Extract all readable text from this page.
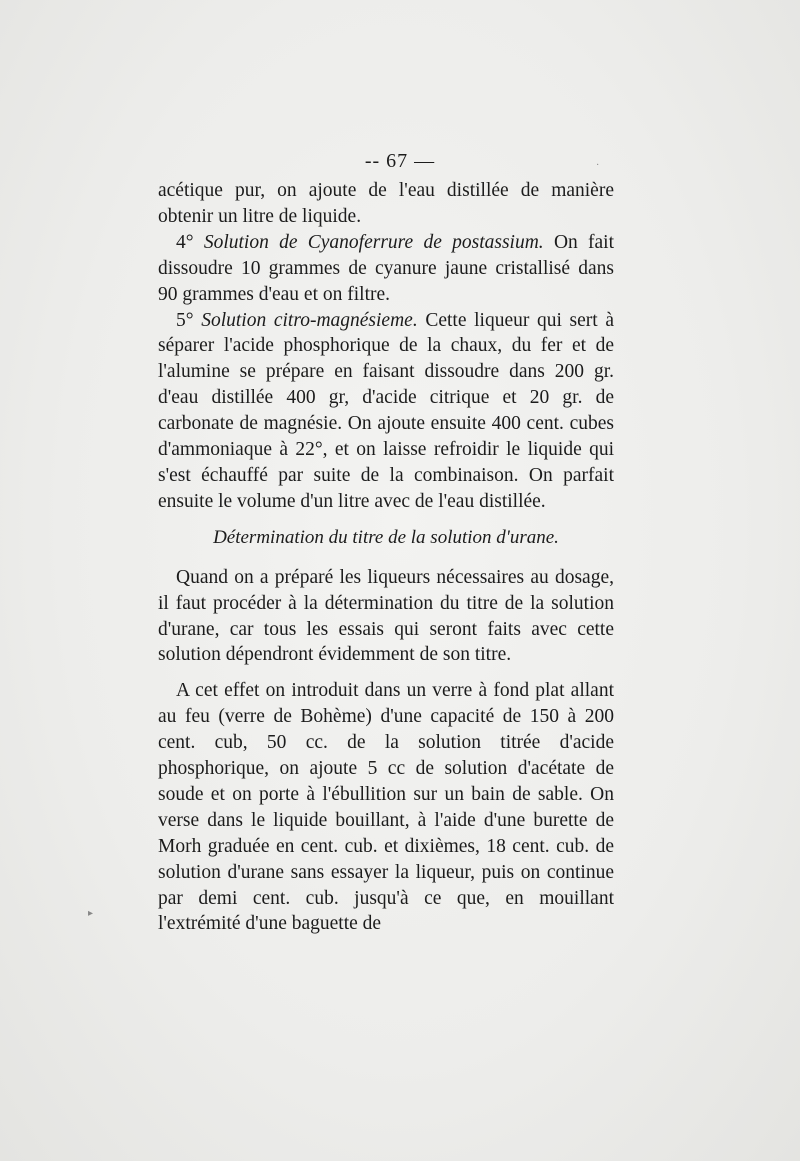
-- 67 —

acétique pur, on ajoute de l'eau distillée de manière obtenir un litre de liquide.

4° Solution de Cyanoferrure de postassium. On fait dissoudre 10 grammes de cyanure jaune cristallisé dans 90 grammes d'eau et on filtre.

5° Solution citro-magnésieme. Cette liqueur qui sert à séparer l'acide phosphorique de la chaux, du fer et de l'alumine se prépare en faisant dissoudre dans 200 gr. d'eau distillée 400 gr, d'acide citrique et 20 gr. de carbonate de magnésie. On ajoute ensuite 400 cent. cubes d'ammoniaque à 22°, et on laisse refroidir le liquide qui s'est échauffé par suite de la combinaison. On parfait ensuite le volume d'un litre avec de l'eau distillée.

Détermination du titre de la solution d'urane.

Quand on a préparé les liqueurs nécessaires au dosage, il faut procéder à la détermination du titre de la solution d'urane, car tous les essais qui seront faits avec cette solution dépendront évidemment de son titre.

A cet effet on introduit dans un verre à fond plat allant au feu (verre de Bohème) d'une capacité de 150 à 200 cent. cub, 50 cc. de la solution titrée d'acide phosphorique, on ajoute 5 cc de solution d'acétate de soude et on porte à l'ébullition sur un bain de sable. On verse dans le liquide bouillant, à l'aide d'une burette de Morh graduée en cent. cub. et dixièmes, 18 cent. cub. de solution d'urane sans essayer la liqueur, puis on continue par demi cent. cub. jusqu'à ce que, en mouillant l'extrémité d'une baguette de

▸
·
